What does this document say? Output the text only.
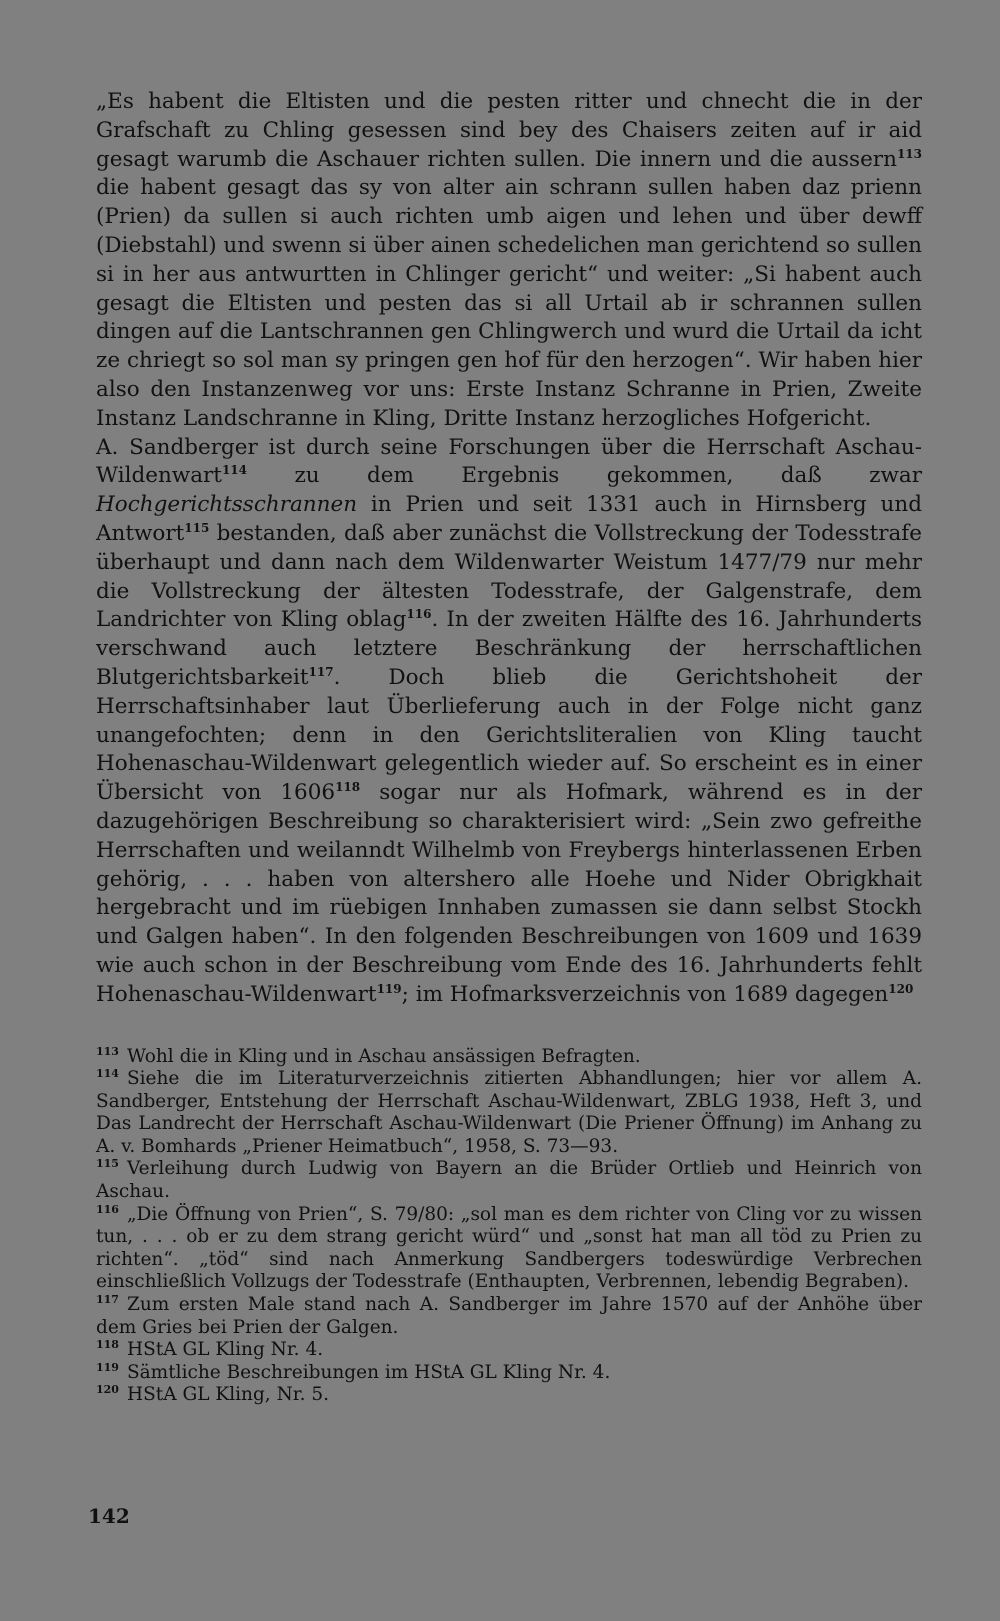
„Es habent die Eltisten und die pesten ritter und chnecht die in der Grafschaft zu Chling gesessen sind bey des Chaisers zeiten auf ir aid gesagt warumb die Aschauer richten sullen. Die innern und die aussern$^{113}$ die habent gesagt das sy von alter ain schrann sullen haben daz prienn (Prien) da sullen si auch richten umb aigen und lehen und über dewff (Diebstahl) und swenn si über ainen schedelichen man gerichtend so sullen si in her aus antwurtten in Chlinger gericht“ und weiter: „Si habent auch gesagt die Eltisten und pesten das si all Urtail ab ir schrannen sullen dingen auf die Lantschrannen gen Chlingwerch und wurd die Urtail da icht ze chriegt so sol man sy pringen gen hof für den herzogen“. Wir haben hier also den Instanzenweg vor uns: Erste Instanz Schranne in Prien, Zweite Instanz Landschranne in Kling, Dritte Instanz herzogliches Hofgericht.

A. Sandberger ist durch seine Forschungen über die Herrschaft Aschau-Wildenwart$^{114}$ zu dem Ergebnis gekommen, daß zwar Hochgerichtsschrannen in Prien und seit 1331 auch in Hirnsberg und Antwort$^{115}$ bestanden, daß aber zunächst die Vollstreckung der Todesstrafe überhaupt und dann nach dem Wildenwarter Weistum 1477/79 nur mehr die Vollstreckung der ältesten Todesstrafe, der Galgenstrafe, dem Landrichter von Kling oblag$^{116}$. In der zweiten Hälfte des 16. Jahrhunderts verschwand auch letztere Beschränkung der herrschaftlichen Blutgerichtsbarkeit$^{117}$. Doch blieb die Gerichtshoheit der Herrschaftsinhaber laut Überlieferung auch in der Folge nicht ganz unangefochten; denn in den Gerichtsliteralien von Kling taucht Hohenaschau-Wildenwart gelegentlich wieder auf. So erscheint es in einer Übersicht von 1606$^{118}$ sogar nur als Hofmark, während es in der dazugehörigen Beschreibung so charakterisiert wird: „Sein zwo gefreithe Herrschaften und weilanndt Wilhelmb von Freybergs hinterlassenen Erben gehörig, . . . haben von altershero alle Hoehe und Nider Obrigkhait hergebracht und im rüebigen Innhaben zumassen sie dann selbst Stockh und Galgen haben“. In den folgenden Beschreibungen von 1609 und 1639 wie auch schon in der Beschreibung vom Ende des 16. Jahrhunderts fehlt Hohenaschau-Wildenwart$^{119}$; im Hofmarksverzeichnis von 1689 dagegen$^{120}$

$^{113}$ Wohl die in Kling und in Aschau ansässigen Befragten.

$^{114}$ Siehe die im Literaturverzeichnis zitierten Abhandlungen; hier vor allem A. Sandberger, Entstehung der Herrschaft Aschau-Wildenwart, ZBLG 1938, Heft 3, und Das Landrecht der Herrschaft Aschau-Wildenwart (Die Priener Öffnung) im Anhang zu A. v. Bomhards „Priener Heimatbuch“, 1958, S. 73—93.

$^{115}$ Verleihung durch Ludwig von Bayern an die Brüder Ortlieb und Heinrich von Aschau.

$^{116}$ „Die Öffnung von Prien“, S. 79/80: „sol man es dem richter von Cling vor zu wissen tun, . . . ob er zu dem strang gericht würd“ und „sonst hat man all töd zu Prien zu richten“. „töd“ sind nach Anmerkung Sandbergers todeswürdige Verbrechen einschließlich Vollzugs der Todesstrafe (Enthaupten, Verbrennen, lebendig Begraben).

$^{117}$ Zum ersten Male stand nach A. Sandberger im Jahre 1570 auf der Anhöhe über dem Gries bei Prien der Galgen.

$^{118}$ HStA GL Kling Nr. 4.

$^{119}$ Sämtliche Beschreibungen im HStA GL Kling Nr. 4.

$^{120}$ HStA GL Kling, Nr. 5.

142
